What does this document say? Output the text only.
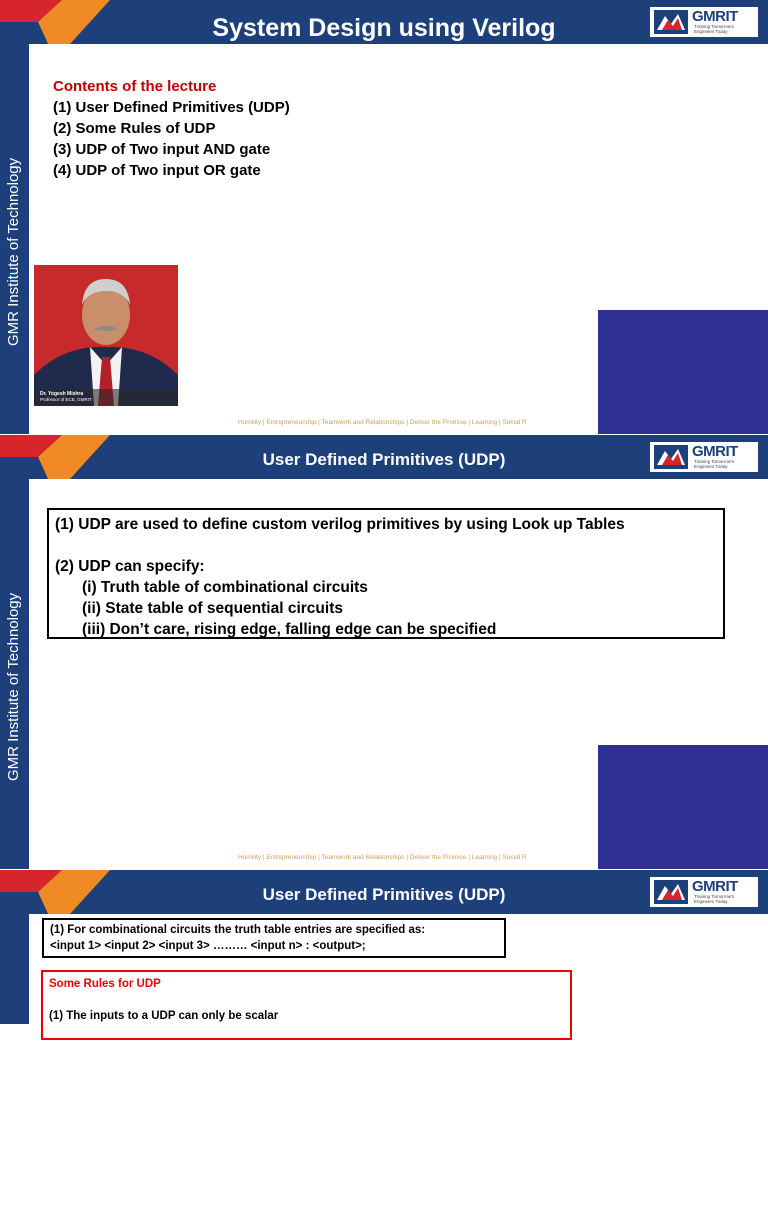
System Design using Verilog	GMRIT
Training Tomorrow's Engineers Today
GMR Institute of Technology
Contents of the lecture
(1) User Defined Primitives (UDP)
(2) Some Rules of UDP
(3) UDP of Two input AND gate
(4) UDP of Two input OR gate
Dr. Yogesh Mishra
Professor of ECE, GMRIT
Humility | Entrepreneurship | Teamwork and Relationships | Deliver the Promise | Learning | Social R
User Defined Primitives (UDP)	GMRIT
Training Tomorrow's Engineers Today
GMR Institute of Technology
(1) UDP are used to define custom verilog primitives by using Look up Tables
(2) UDP can specify:
(i) Truth table of combinational circuits
(ii) State table of sequential circuits
(iii) Don’t care, rising edge, falling edge can be specified
Humility | Entrepreneurship | Teamwork and Relationships | Deliver the Promise | Learning | Social R
User Defined Primitives (UDP)	GMRIT
Training Tomorrow's Engineers Today
GMR Institute of Technology
(1) For combinational circuits the truth table entries are specified as:
<input 1> <input 2> <input 3> ……… <input n> : <output>;
Some Rules for UDP
(1) The inputs to a UDP can only be scalar
